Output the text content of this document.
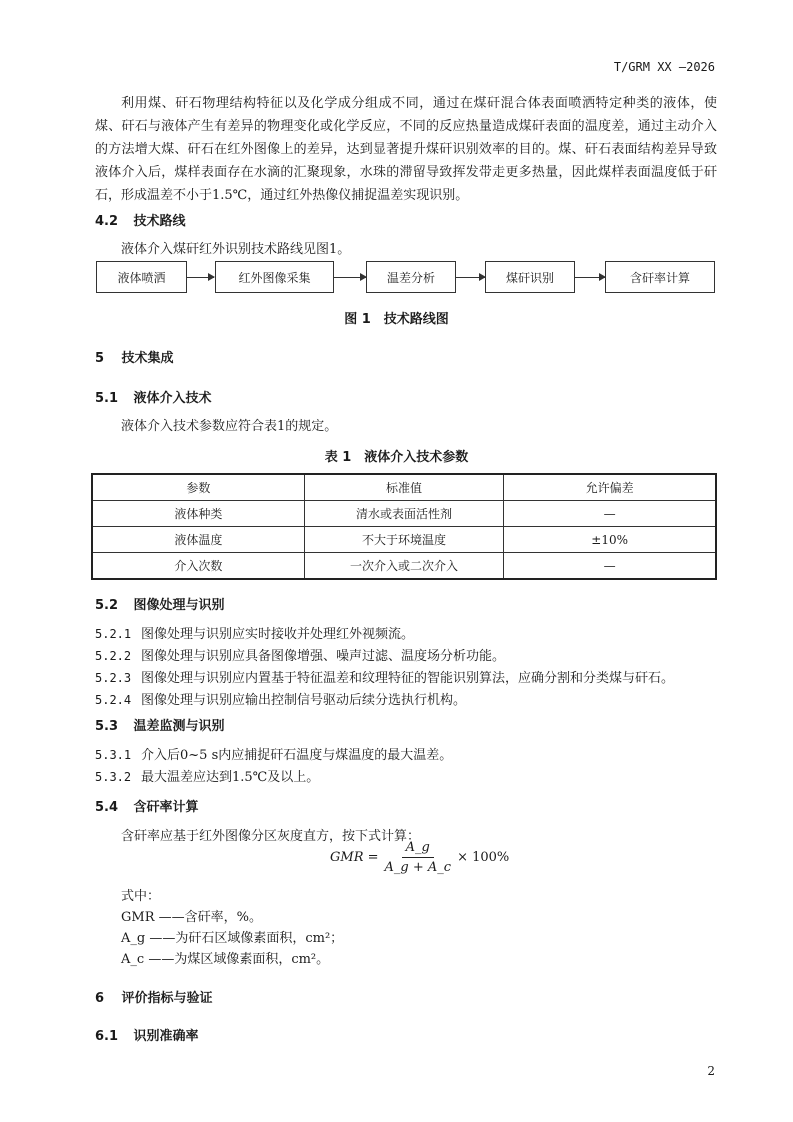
T/GRM XX —2026

利用煤、矸石物理结构特征以及化学成分组成不同，通过在煤矸混合体表面喷洒特定种类的液体，使煤、矸石与液体产生有差异的物理变化或化学反应，不同的反应热量造成煤矸表面的温度差，通过主动介入的方法增大煤、矸石在红外图像上的差异，达到显著提升煤矸识别效率的目的。煤、矸石表面结构差异导致液体介入后，煤样表面存在水滴的汇聚现象，水珠的滞留导致挥发带走更多热量，因此煤样表面温度低于矸石，形成温差不小于1.5℃，通过红外热像仪捕捉温差实现识别。

4.2 技术路线
液体介入煤矸红外识别技术路线见图1。
液体喷洒	红外图像采集	温差分析	煤矸识别	含矸率计算
图 1　技术路线图
5 技术集成
5.1 液体介入技术
液体介入技术参数应符合表1的规定。
表 1　液体介入技术参数
参数	标准值	允许偏差
液体种类	清水或表面活性剂	—
液体温度	不大于环境温度	±10%
介入次数	一次介入或二次介入	—
5.2 图像处理与识别
5.2.1 图像处理与识别应实时接收并处理红外视频流。
5.2.2 图像处理与识别应具备图像增强、噪声过滤、温度场分析功能。
5.2.3 图像处理与识别应内置基于特征温差和纹理特征的智能识别算法，应确分割和分类煤与矸石。
5.2.4 图像处理与识别应输出控制信号驱动后续分选执行机构。
5.3 温差监测与识别
5.3.1 介入后0~5 s内应捕捉矸石温度与煤温度的最大温差。
5.3.2 最大温差应达到1.5℃及以上。
5.4 含矸率计算
含矸率应基于红外图像分区灰度直方，按下式计算：
GMR = $\frac{A\_g}{A\_g + A\_c} \times 100\%$
式中：
GMR ——含矸率，%。
A_g ——为矸石区域像素面积，cm²；
A_c ——为煤区域像素面积，cm²。
6 评价指标与验证
6.1 识别准确率
2
